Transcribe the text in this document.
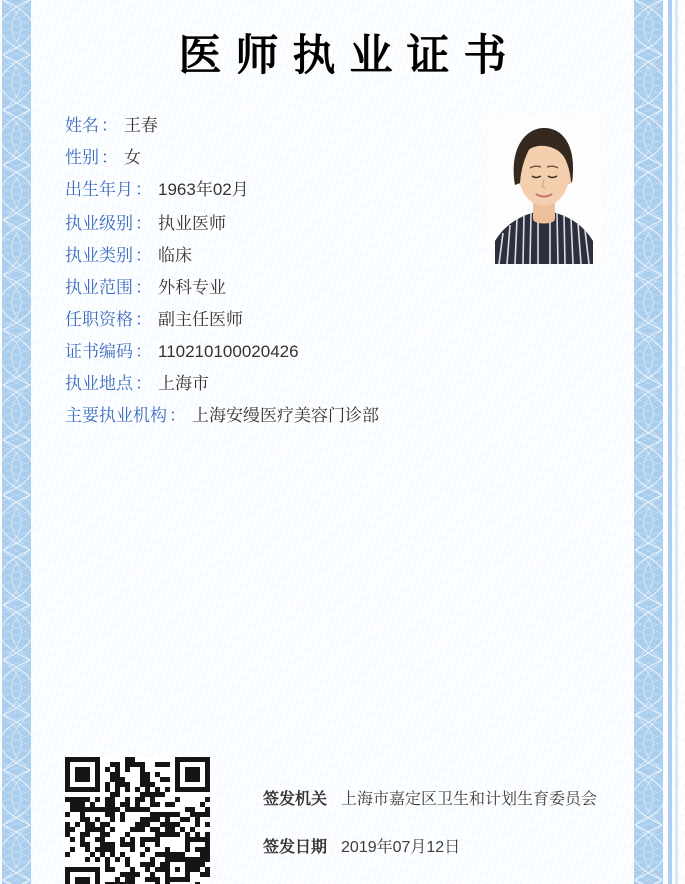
医师执业证书
姓名 ： 王春
性别 ： 女
出生年月 ： 1963年02月
执业级别 ： 执业医师
执业类别 ： 临床
执业范围 ： 外科专业
任职资格 ： 副主任医师
证书编码 ： 110210100020426
执业地点 ： 上海市
主要执业机构 ： 上海安缦医疗美容门诊部
签发机关 上海市嘉定区卫生和计划生育委员会
签发日期 2019年07月12日
